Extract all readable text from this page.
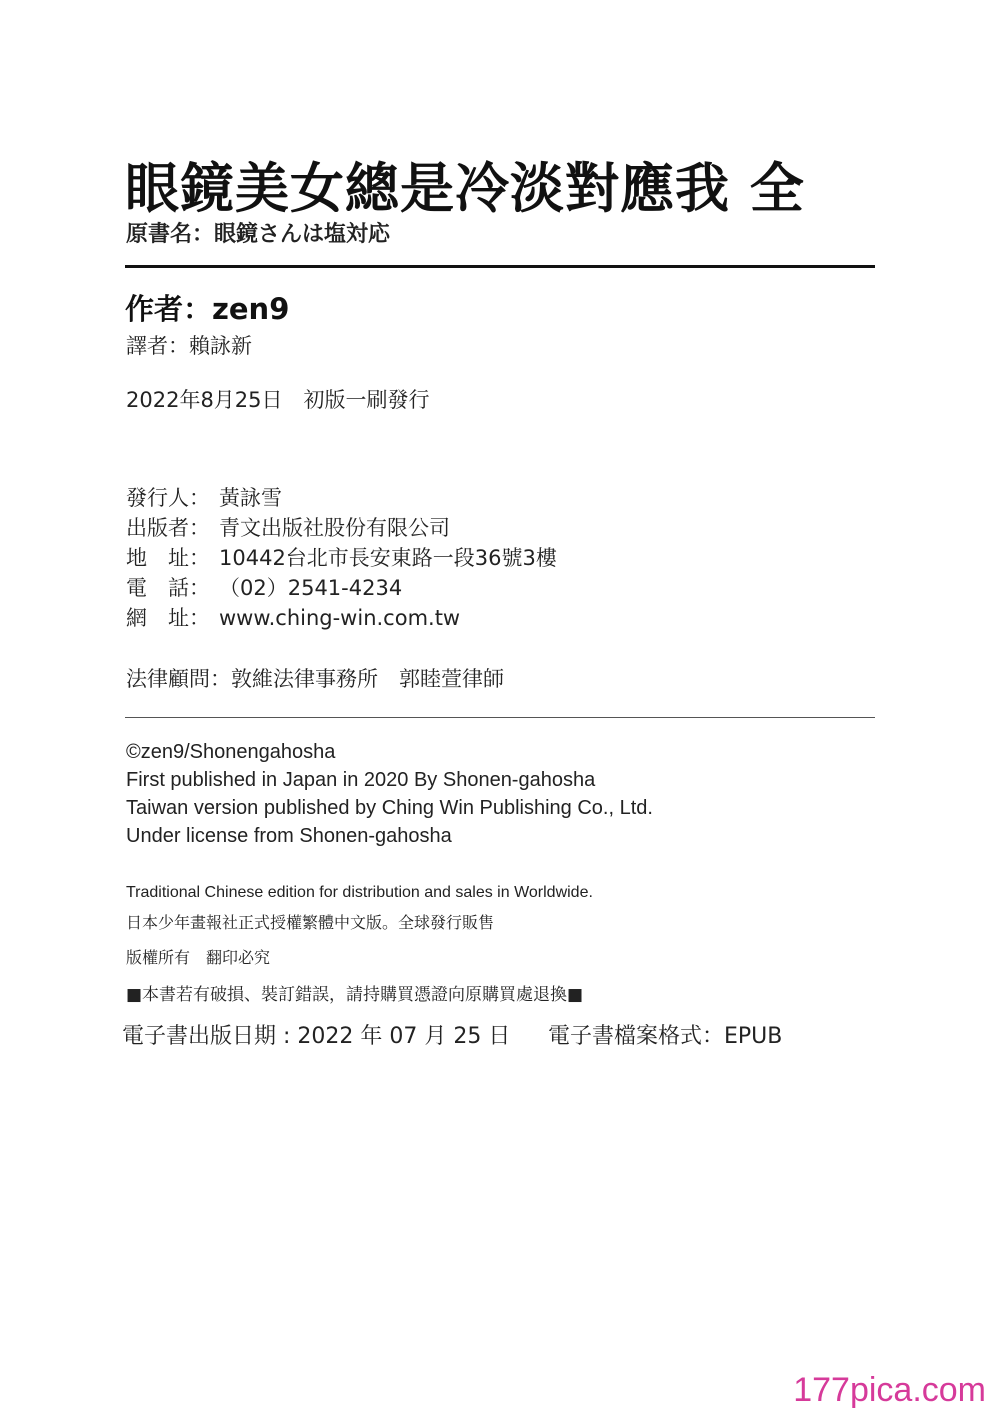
眼鏡美女總是冷淡對應我 全
原書名：眼鏡さんは塩対応
作者：zen9
譯者：賴詠新
2022年8月25日　初版一刷發行
發行人： 黃詠雪
出版者： 青文出版社股份有限公司
地　址： 10442台北市長安東路一段36號3樓
電　話： （02）2541-4234
網　址： www.ching-win.com.tw
法律顧問：敦維法律事務所　郭睦萱律師
©zen9/Shonengahosha
First published in Japan in 2020 By Shonen-gahosha
Taiwan version published by Ching Win Publishing Co., Ltd.
Under license from Shonen-gahosha
Traditional Chinese edition for distribution and sales in Worldwide.
日本少年畫報社正式授權繁體中文版。全球發行販售
版權所有　翻印必究
■本書若有破損、裝訂錯誤，請持購買憑證向原購買處退換■
電子書出版日期 : 2022 年 07 月 25 日 電子書檔案格式：EPUB
177pica.com
